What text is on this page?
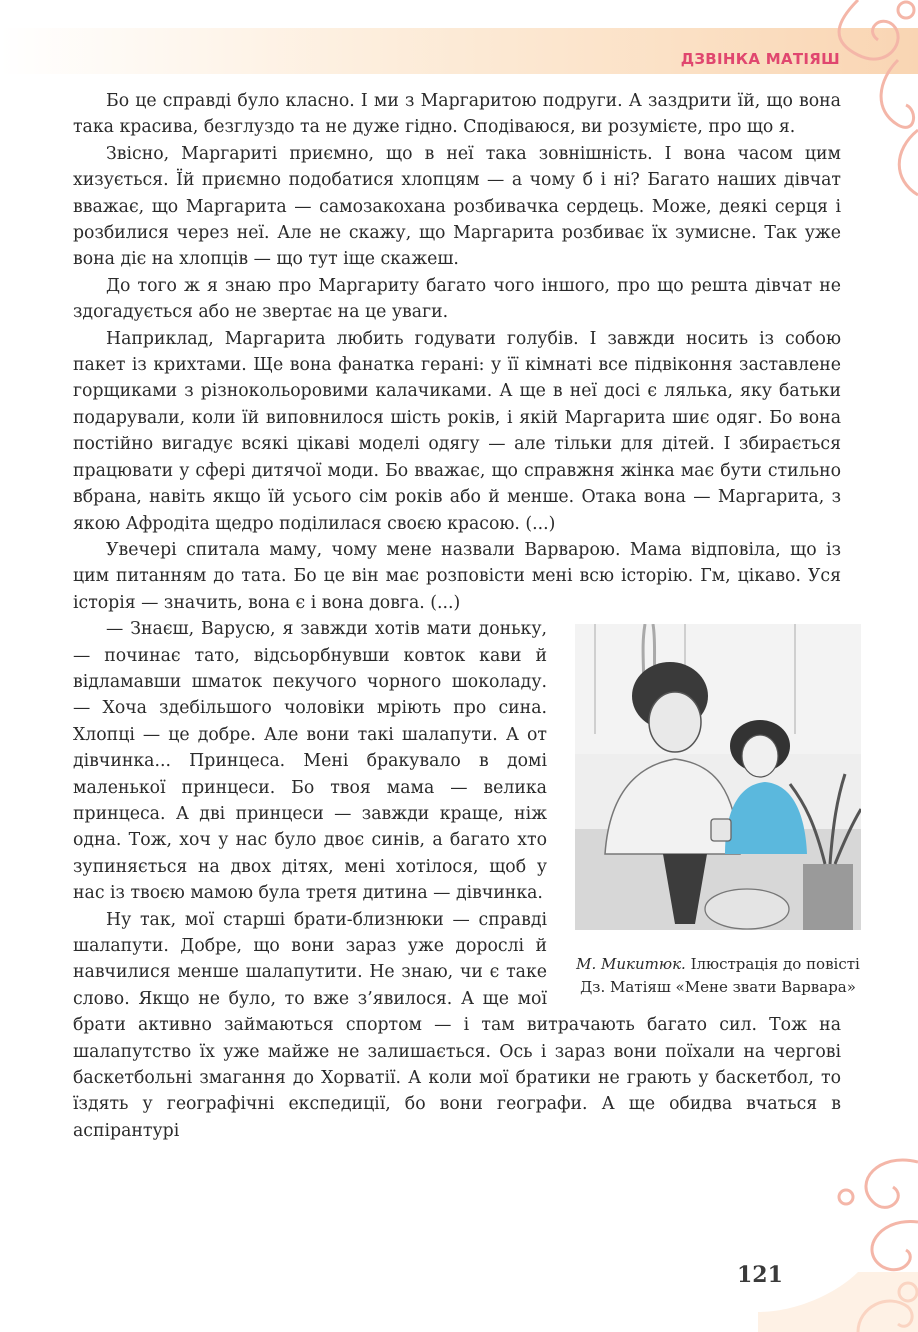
ДЗВІНКА МАТІЯШ

Бо це справді було класно. І ми з Маргаритою подруги. А заздрити їй, що вона така красива, безглуздо та не дуже гідно. Сподіваюся, ви розумієте, про що я.

Звісно, Маргариті приємно, що в неї така зовнішність. І вона часом цим хизується. Їй приємно подобатися хлопцям — а чому б і ні? Багато наших дівчат вважає, що Маргарита — самозакохана розбивачка сердець. Може, деякі серця і розбилися через неї. Але не скажу, що Маргарита розбиває їх зумисне. Так уже вона діє на хлопців — що тут іще скажеш.

До того ж я знаю про Маргариту багато чого іншого, про що решта дівчат не здогадується або не звертає на це уваги.

Наприклад, Маргарита любить годувати голубів. І завжди носить із собою пакет із крихтами. Ще вона фанатка герані: у її кімнаті все підвіконня заставлене горщиками з різнокольоровими калачиками. А ще в неї досі є лялька, яку батьки подарували, коли їй виповнилося шість років, і якій Маргарита шиє одяг. Бо вона постійно вигадує всякі цікаві моделі одягу — але тільки для дітей. І збирається працювати у сфері дитячої моди. Бо вважає, що справжня жінка має бути стильно вбрана, навіть якщо їй усього сім років або й менше. Отака вона — Маргарита, з якою Афродіта щедро поділилася своєю красою. (...)

Увечері спитала маму, чому мене назвали Варварою. Мама відповіла, що із цим питанням до тата. Бо це він має розповісти мені всю історію. Гм, цікаво. Уся історія — значить, вона є і вона довга. (...)

М. Микитюк. Ілюстрація до повісті Дз. Матіяш «Мене звати Варвара»

— Знаєш, Варусю, я завжди хотів мати доньку, — починає тато, відсьорбнувши ковток кави й відламавши шматок пекучого чорного шоколаду. — Хоча здебільшого чоловіки мріють про сина. Хлопці — це добре. Але вони такі шалапути. А от дівчинка... Принцеса. Мені бракувало в домі маленької принцеси. Бо твоя мама — велика принцеса. А дві принцеси — завжди краще, ніж одна. Тож, хоч у нас було двоє синів, а багато хто зупиняється на двох дітях, мені хотілося, щоб у нас із твоєю мамою була третя дитина — дівчинка.

Ну так, мої старші брати-близнюки — справді шалапути. Добре, що вони зараз уже дорослі й навчилися менше шалапутити. Не знаю, чи є таке слово. Якщо не було, то вже з’явилося. А ще мої брати активно займаються спортом — і там витрачають багато сил. Тож на шалапутство їх уже майже не залишається. Ось і зараз вони поїхали на чергові баскетбольні змагання до Хорватії. А коли мої братики не грають у баскетбол, то їздять у географічні експедиції, бо вони географи. А ще обидва вчаться в аспірантурі

121
